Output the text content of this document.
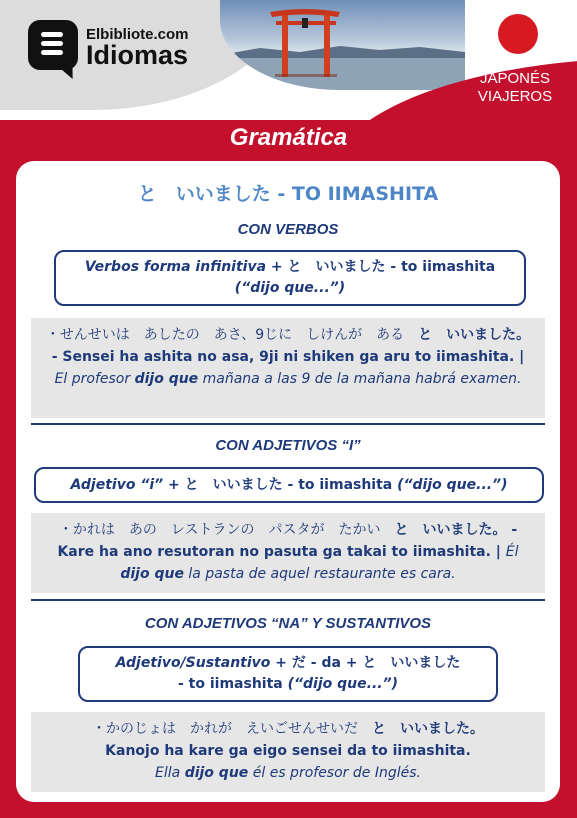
Elbibliote.com
Idiomas
JAPONÉS
VIAJEROS
Gramática
と　いいました - TO IIMASHITA
CON VERBOS
Verbos forma infinitiva + と　いいました - to iimashita
(“dijo que...”)
・せんせいは　あしたの　あさ、9じに　しけんが　ある　と　いいました。 - Sensei ha ashita no asa, 9ji ni shiken ga aru to iimashita. | El profesor dijo que mañana a las 9 de la mañana habrá examen.
CON ADJETIVOS “I”
Adjetivo “i” + と　いいました - to iimashita (“dijo que...”)
・かれは　あの　レストランの　パスタが　たかい　と　いいました。 - Kare ha ano resutoran no pasuta ga takai to iimashita. | Él dijo que la pasta de aquel restaurante es cara.
CON ADJETIVOS “NA” Y SUSTANTIVOS
Adjetivo/Sustantivo + だ - da + と　いいました
- to iimashita (“dijo que...”)
・かのじょは　かれが　えいごせんせいだ　と　いいました。
Kanojo ha kare ga eigo sensei da to iimashita.
Ella dijo que él es profesor de Inglés.
